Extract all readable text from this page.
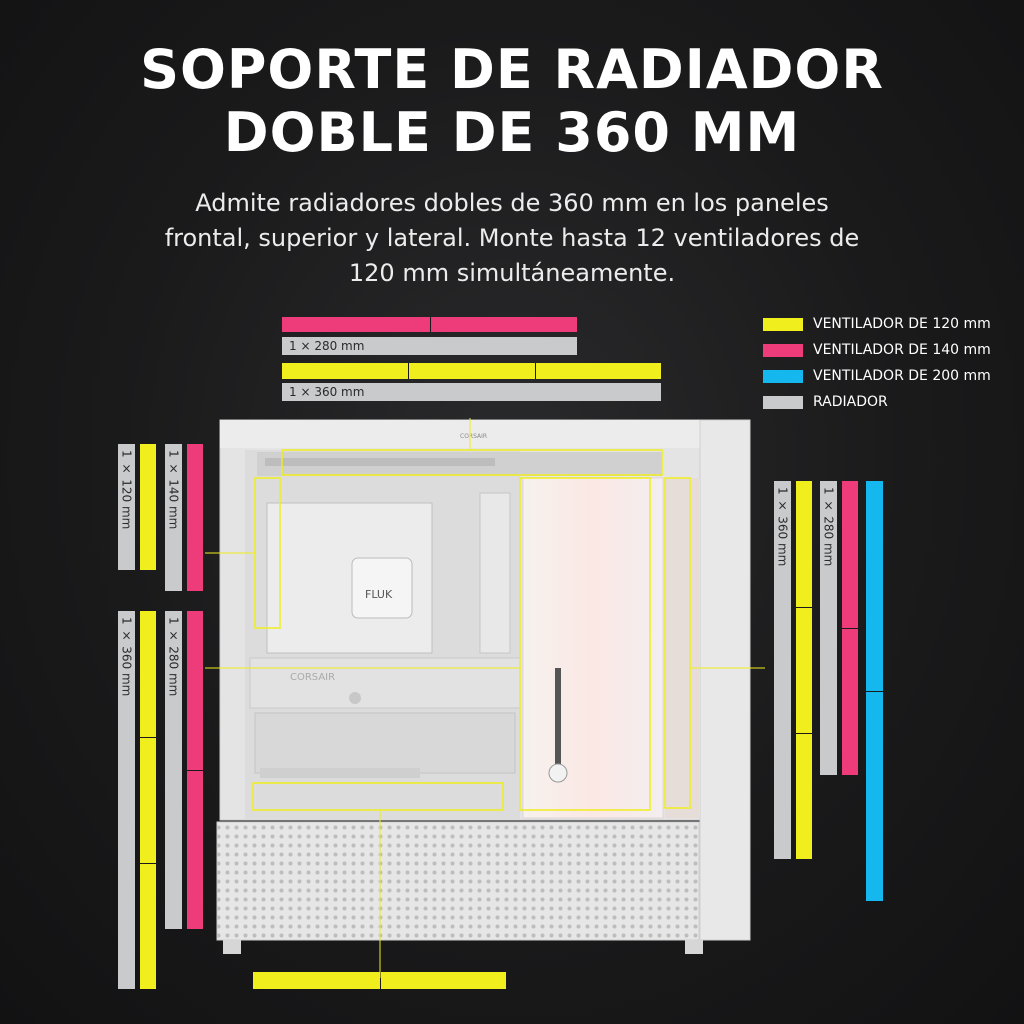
SOPORTE DE RADIADOR
DOBLE DE 360 MM
Admite radiadores dobles de 360 mm en los paneles
frontal, superior y lateral. Monte hasta 12 ventiladores de
120 mm simultáneamente.
VENTILADOR DE 120 mm
VENTILADOR DE 140 mm
VENTILADOR DE 200 mm
RADIADOR
1 × 280 mm
1 × 360 mm
1 × 120 mm	1 × 140 mm
1 × 360 mm	1 × 280 mm
1 × 360 mm	1 × 280 mm
CORSAIR
FLUK
CORSAIR
